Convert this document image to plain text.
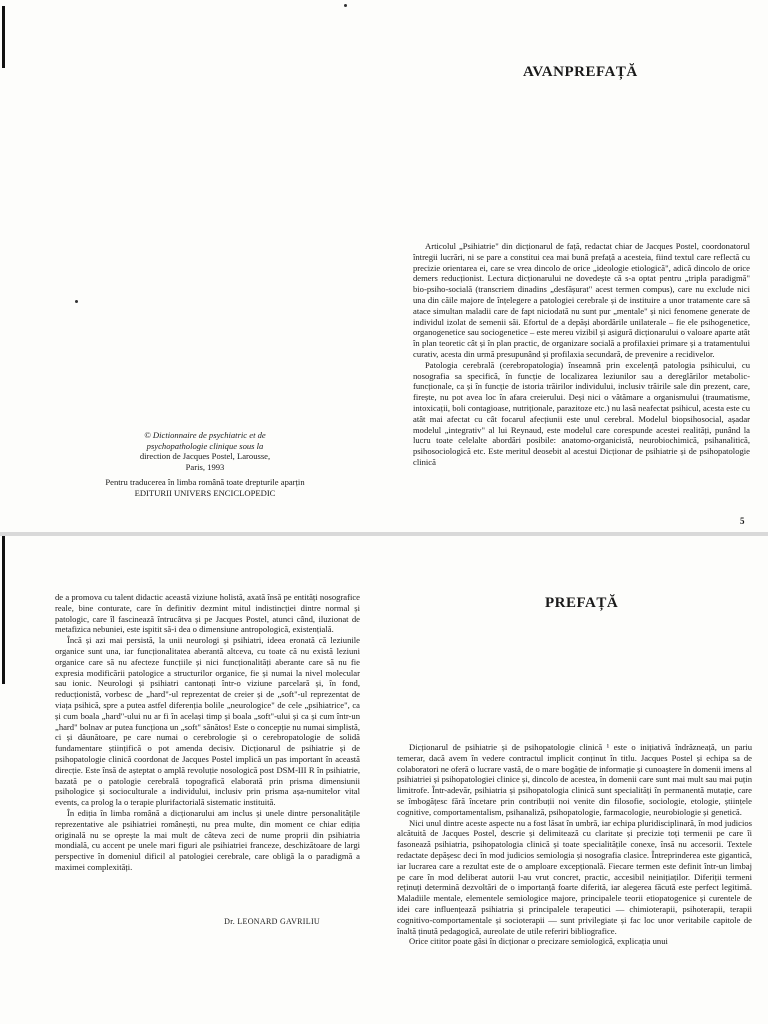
AVANPREFAȚĂ
© Dictionnaire de psychiatric et de
psychopathologie clinique sous la
direction de Jacques Postel, Larousse,
Paris, 1993
Pentru traducerea în limba română toate drepturile aparțin
EDITURII UNIVERS ENCICLOPEDIC

Articolul „Psihiatrie" din dicționarul de față, redactat chiar de Jacques Postel, coordonatorul întregii lucrări, ni se pare a constitui cea mai bună prefață a acesteia, fiind textul care reflectă cu precizie orientarea ei, care se vrea dincolo de orice „ideologie etiologică", adică dincolo de orice demers reducționist. Lectura dicționarului ne dovedește că s-a optat pentru „tripla paradigmă" bio-psiho-socială (transcriem dinadins „desfășurat" acest termen compus), care nu exclude nici una din căile majore de înțelegere a patologiei cerebrale și de instituire a unor tratamente care să atace simultan maladii care de fapt niciodată nu sunt pur „mentale" și nici fenomene generate de individul izolat de semenii săi. Efortul de a depăși abordările unilaterale – fie ele psihogenetice, organogenetice sau sociogenetice – este mereu vizibil și asigură dicționarului o valoare aparte atât în plan teoretic cât și în plan practic, de organizare socială a profilaxiei primare și a tratamentului curativ, acesta din urmă presupunând și profilaxia secundară, de prevenire a recidivelor.

Patologia cerebrală (cerebropatologia) înseamnă prin excelență patologia psihicului, cu nosografia sa specifică, în funcție de localizarea leziunilor sau a dereglărilor metabolic-funcționale, ca și în funcție de istoria trăirilor individului, inclusiv trăirile sale din prezent, care, firește, nu pot avea loc în afara creierului. Deși nici o vătămare a organismului (traumatisme, intoxicații, boli contagioase, nutriționale, parazitoze etc.) nu lasă neafectat psihicul, acesta este cu atât mai afectat cu cât focarul afecțiunii este unul cerebral. Modelul biopsihosocial, așadar modelul „integrativ" al lui Reynaud, este modelul care corespunde acestei realități, punând la lucru toate celelalte abordări posibile: anatomo-organicistă, neurobiochimică, psihanalitică, psihosociologică etc. Este meritul deosebit al acestui Dicționar de psihiatrie și de psihopatologie clinică

5

de a promova cu talent didactic această viziune holistă, axată însă pe entități nosografice reale, bine conturate, care în definitiv dezmint mitul indistincției dintre normal și patologic, care îl fascinează întrucâtva și pe Jacques Postel, atunci când, iluzionat de metafizica nebuniei, este ispitit să-i dea o dimensiune antropologică, existențială.

Încă și azi mai persistă, la unii neurologi și psihiatri, ideea eronată că leziunile organice sunt una, iar funcționalitatea aberantă altceva, cu toate că nu există leziuni organice care să nu afecteze funcțiile și nici funcționalități aberante care să nu fie expresia modificării patologice a structurilor organice, fie și numai la nivel molecular sau ionic. Neurologi și psihiatri cantonați într-o viziune parcelară și, în fond, reducționistă, vorbesc de „hard"-ul reprezentat de creier și de „soft"-ul reprezentat de viața psihică, spre a putea astfel diferenția bolile „neurologice" de cele „psihiatrice", ca și cum boala „hard"-ului nu ar fi în același timp și boala „soft"-ului și ca și cum într-un „hard" bolnav ar putea funcționa un „soft" sănătos! Este o concepție nu numai simplistă, ci și dăunătoare, pe care numai o cerebrologie și o cerebropatologie de solidă fundamentare științifică o pot amenda decisiv. Dicționarul de psihiatrie și de psihopatologie clinică coordonat de Jacques Postel implică un pas important în această direcție. Este însă de așteptat o amplă revoluție nosologică post DSM-III R în psihiatrie, bazată pe o patologie cerebrală topografică elaborată prin prisma dimensiunii psihologice și socioculturale a individului, inclusiv prin prisma așa-numitelor vital events, ca prolog la o terapie plurifactorială sistematic instituită.

În ediția în limba română a dicționarului am inclus și unele dintre personalitățile reprezentative ale psihiatriei românești, nu prea multe, din moment ce chiar ediția originală nu se oprește la mai mult de câteva zeci de nume proprii din psihiatria mondială, cu accent pe unele mari figuri ale psihiatriei franceze, deschizătoare de largi perspective în domeniul dificil al patologiei cerebrale, care obligă la o paradigmă a maximei complexități.

Dr. LEONARD GAVRILIU
PREFAȚĂ

Dicționarul de psihiatrie și de psihopatologie clinică ¹ este o inițiativă îndrăzneață, un pariu temerar, dacă avem în vedere contractul implicit conținut în titlu. Jacques Postel și echipa sa de colaboratori ne oferă o lucrare vastă, de o mare bogăție de informație și cunoaștere în domenii imens al psihiatriei și psihopatologiei clinice și, dincolo de acestea, în domenii care sunt mai mult sau mai puțin limitrofe. Într-adevăr, psihiatria și psihopatologia clinică sunt specialități în permanentă mutație, care se îmbogățesc fără încetare prin contribuții noi venite din filosofie, sociologie, etologie, științele cognitive, comportamentalism, psihanaliză, psihopatologie, farmacologie, neurobiologie și genetică.

Nici unul dintre aceste aspecte nu a fost lăsat în umbră, iar echipa pluridisciplinară, în mod judicios alcătuită de Jacques Postel, descrie și delimitează cu claritate și precizie toți termenii pe care îi fasonează psihiatria, psihopatologia clinică și toate specialitățile conexe, însă nu accesorii. Textele redactate depășesc deci în mod judicios semiologia și nosografia clasice. Întreprinderea este gigantică, iar lucrarea care a rezultat este de o amploare excepțională. Fiecare termen este definit într-un limbaj pe care în mod deliberat autorii l-au vrut concret, practic, accesibil neinițiaților. Diferiții termeni reținuți determină dezvoltări de o importanță foarte diferită, iar alegerea făcută este perfect legitimă. Maladiile mentale, elementele semiologice majore, principalele teorii etiopatogenice și curentele de idei care influențează psihiatria și principalele terapeutici — chimioterapii, psihoterapii, terapii cognitivo-comportamentale și socioterapii — sunt privilegiate și fac loc unor veritabile capitole de înaltă ținută pedagogică, aureolate de utile referiri bibliografice.

Orice cititor poate găsi în dicționar o precizare semiologică, explicația unui
